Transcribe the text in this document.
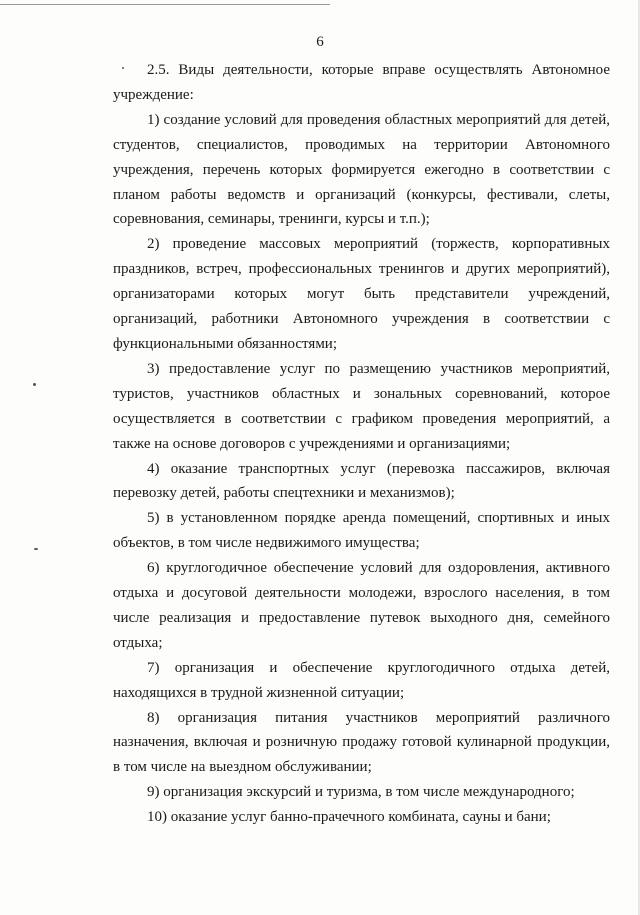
6

2.5. Виды деятельности, которые вправе осуществлять Автономное учреждение:

1) создание условий для проведения областных мероприятий для детей, студентов, специалистов, проводимых на территории Автономного учреждения, перечень которых формируется ежегодно в соответствии с планом работы ведомств и организаций (конкурсы, фестивали, слеты, соревнования, семинары, тренинги, курсы и т.п.);

2) проведение массовых мероприятий (торжеств, корпоративных праздников, встреч, профессиональных тренингов и других мероприятий), организаторами которых могут быть представители учреждений, организаций, работники Автономного учреждения в соответствии с функциональными обязанностями;

3) предоставление услуг по размещению участников мероприятий, туристов, участников областных и зональных соревнований, которое осуществляется в соответствии с графиком проведения мероприятий, а также на основе договоров с учреждениями и организациями;

4) оказание транспортных услуг (перевозка пассажиров, включая перевозку детей, работы спецтехники и механизмов);

5) в установленном порядке аренда помещений, спортивных и иных объектов, в том числе недвижимого имущества;

6) круглогодичное обеспечение условий для оздоровления, активного отдыха и досуговой деятельности молодежи, взрослого населения, в том числе реализация и предоставление путевок выходного дня, семейного отдыха;

7) организация и обеспечение круглогодичного отдыха детей, находящихся в трудной жизненной ситуации;

8) организация питания участников мероприятий различного назначения, включая и розничную продажу готовой кулинарной продукции, в том числе на выездном обслуживании;

9) организация экскурсий и туризма, в том числе международного;

10) оказание услуг банно-прачечного комбината, сауны и бани;
